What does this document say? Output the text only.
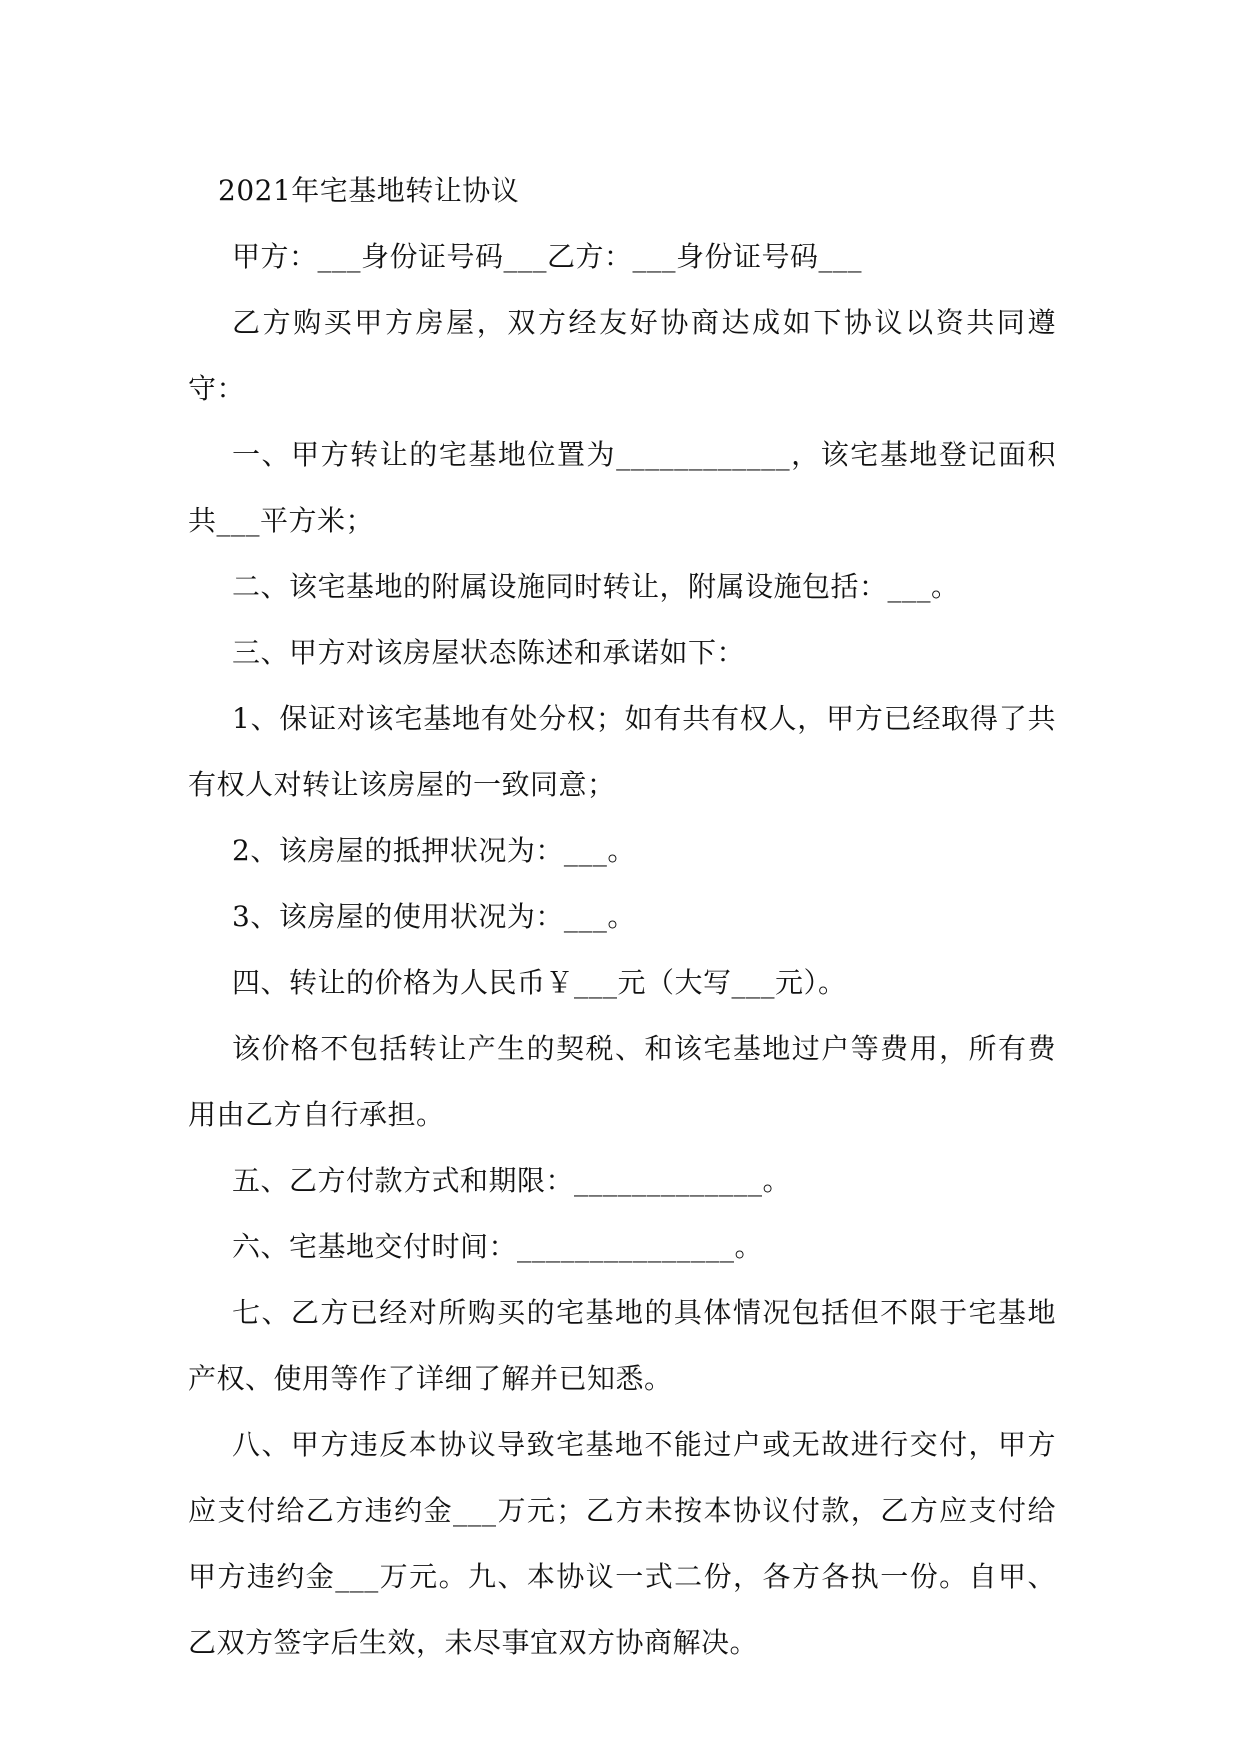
2021年宅基地转让协议

甲方：___身份证号码___乙方：___身份证号码___

乙方购买甲方房屋，双方经友好协商达成如下协议以资共同遵守：

一、甲方转让的宅基地位置为____________，该宅基地登记面积共___平方米；

二、该宅基地的附属设施同时转让，附属设施包括：___。

三、甲方对该房屋状态陈述和承诺如下：

1、保证对该宅基地有处分权；如有共有权人，甲方已经取得了共有权人对转让该房屋的一致同意；

2、该房屋的抵押状况为：___。

3、该房屋的使用状况为：___。

四、转让的价格为人民币￥___元（大写___元）。

该价格不包括转让产生的契税、和该宅基地过户等费用，所有费用由乙方自行承担。

五、乙方付款方式和期限：_____________。

六、宅基地交付时间：_______________。

七、乙方已经对所购买的宅基地的具体情况包括但不限于宅基地产权、使用等作了详细了解并已知悉。

八、甲方违反本协议导致宅基地不能过户或无故进行交付，甲方应支付给乙方违约金___万元；乙方未按本协议付款，乙方应支付给甲方违约金___万元。九、本协议一式二份，各方各执一份。自甲、乙双方签字后生效，未尽事宜双方协商解决。
